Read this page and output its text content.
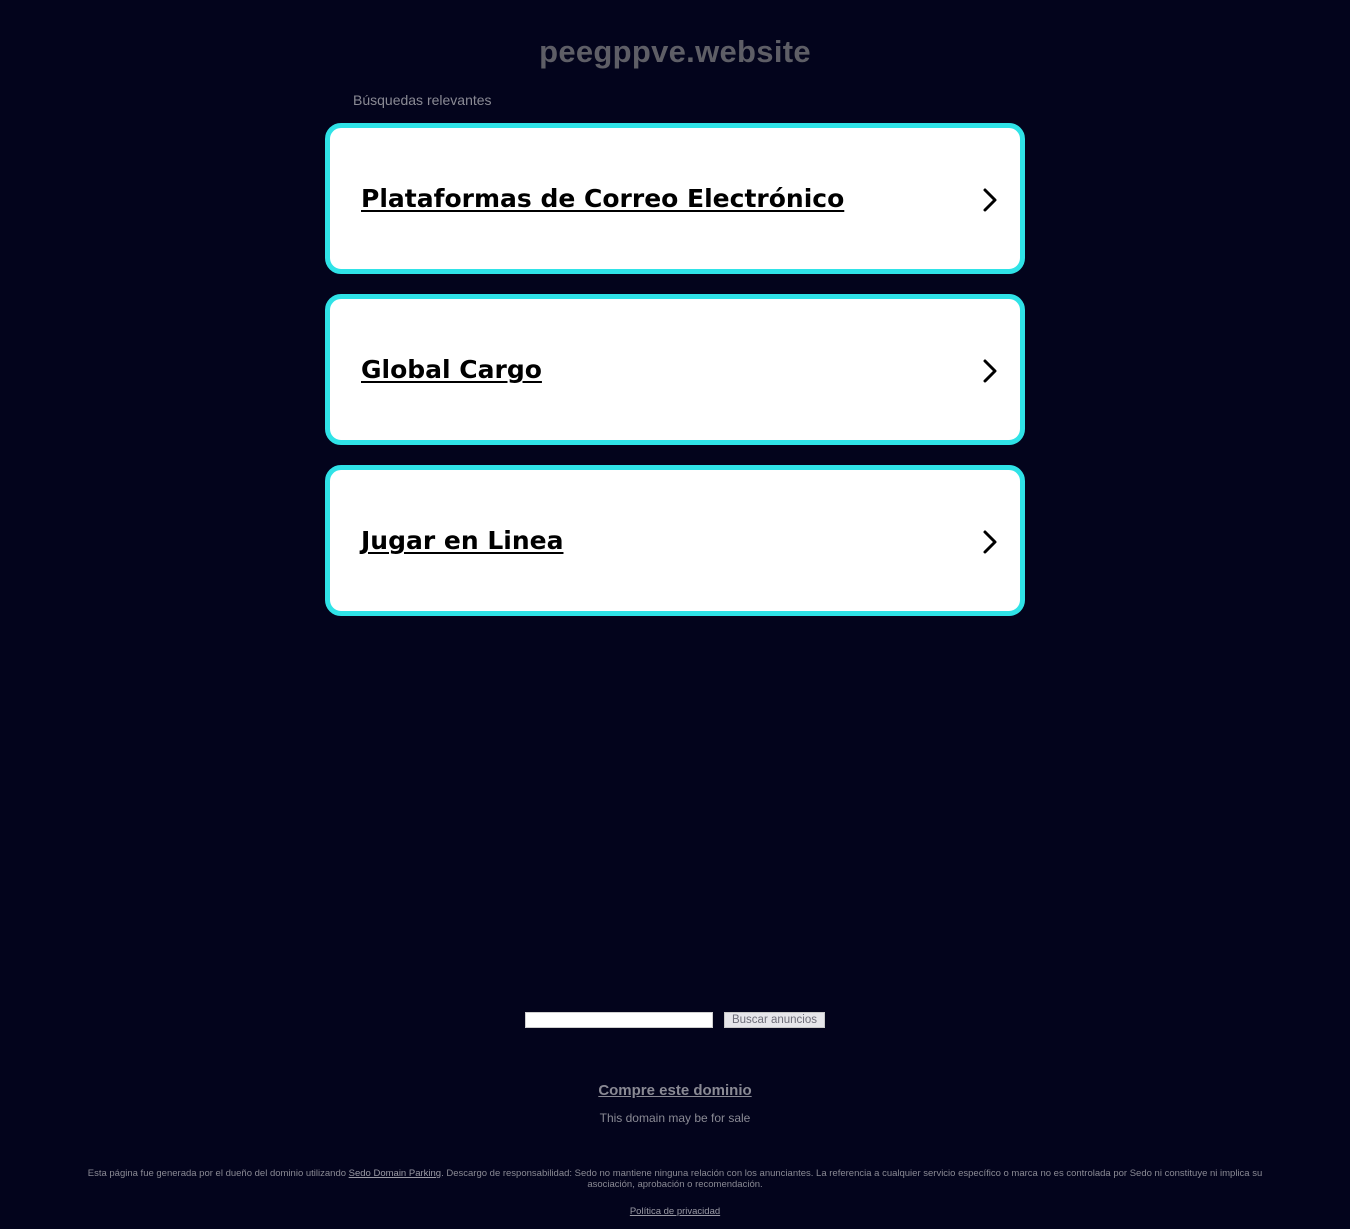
peegppve.website
Búsquedas relevantes
Plataformas de Correo Electrónico
Global Cargo
Jugar en Linea
Buscar anuncios
Compre este dominio
This domain may be for sale
Esta página fue generada por el dueño del dominio utilizando Sedo Domain Parking. Descargo de responsabilidad: Sedo no mantiene ninguna relación con los anunciantes. La referencia a cualquier servicio específico o marca no es controlada por Sedo ni constituye ni implica su asociación, aprobación o recomendación.
Política de privacidad
